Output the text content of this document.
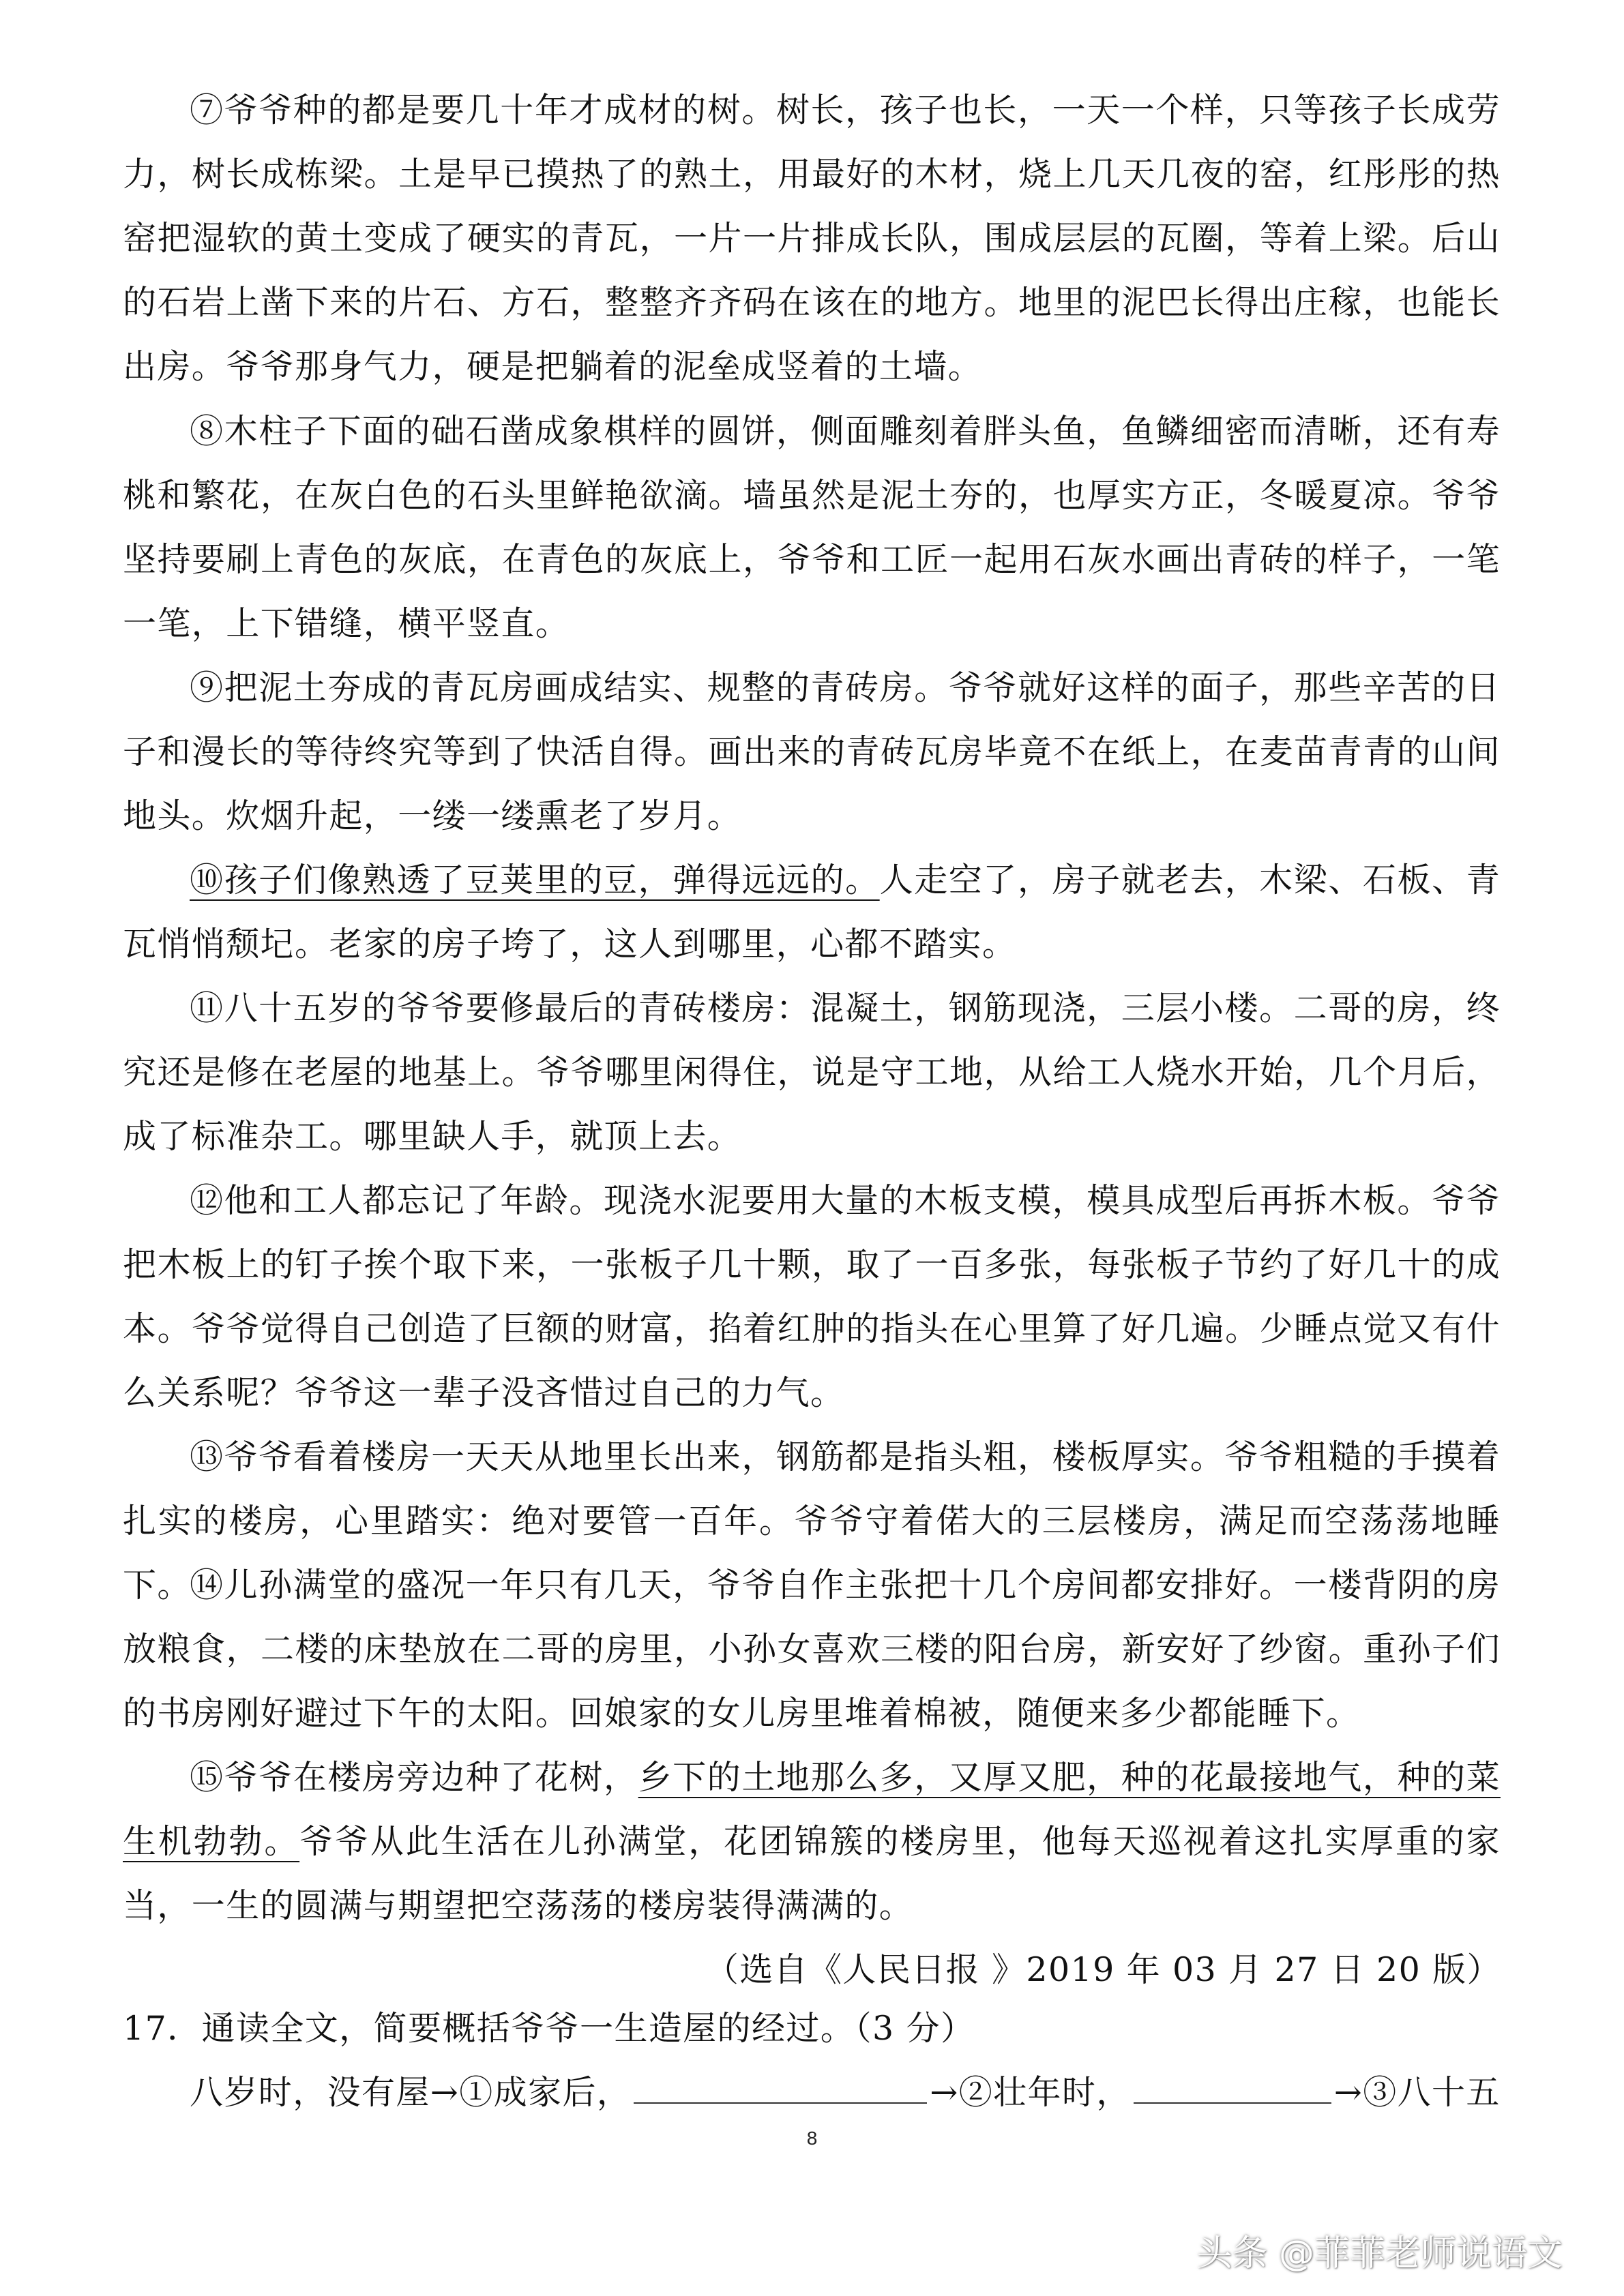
⑦爷爷种的都是要几十年才成材的树。树长，孩子也长，一天一个样，只等孩子长成劳力，树长成栋梁。土是早已摸热了的熟土，用最好的木材，烧上几天几夜的窑，红彤彤的热窑把湿软的黄土变成了硬实的青瓦，一片一片排成长队，围成层层的瓦圈，等着上梁。后山的石岩上凿下来的片石、方石，整整齐齐码在该在的地方。地里的泥巴长得出庄稼，也能长出房。爷爷那身气力，硬是把躺着的泥垒成竖着的土墙。

⑧木柱子下面的础石凿成象棋样的圆饼，侧面雕刻着胖头鱼，鱼鳞细密而清晰，还有寿桃和繁花，在灰白色的石头里鲜艳欲滴。墙虽然是泥土夯的，也厚实方正，冬暖夏凉。爷爷坚持要刷上青色的灰底，在青色的灰底上，爷爷和工匠一起用石灰水画出青砖的样子，一笔一笔，上下错缝，横平竖直。

⑨把泥土夯成的青瓦房画成结实、规整的青砖房。爷爷就好这样的面子，那些辛苦的日子和漫长的等待终究等到了快活自得。画出来的青砖瓦房毕竟不在纸上，在麦苗青青的山间地头。炊烟升起，一缕一缕熏老了岁月。

⑩孩子们像熟透了豆荚里的豆，弹得远远的。人走空了，房子就老去，木梁、石板、青瓦悄悄颓圮。老家的房子垮了，这人到哪里，心都不踏实。

⑪八十五岁的爷爷要修最后的青砖楼房：混凝土，钢筋现浇，三层小楼。二哥的房，终究还是修在老屋的地基上。爷爷哪里闲得住，说是守工地，从给工人烧水开始，几个月后，成了标准杂工。哪里缺人手，就顶上去。

⑫他和工人都忘记了年龄。现浇水泥要用大量的木板支模，模具成型后再拆木板。爷爷把木板上的钉子挨个取下来，一张板子几十颗，取了一百多张，每张板子节约了好几十的成本。爷爷觉得自己创造了巨额的财富，掐着红肿的指头在心里算了好几遍。少睡点觉又有什么关系呢？爷爷这一辈子没吝惜过自己的力气。

⑬爷爷看着楼房一天天从地里长出来，钢筋都是指头粗，楼板厚实。爷爷粗糙的手摸着扎实的楼房，心里踏实：绝对要管一百年。爷爷守着偌大的三层楼房，满足而空荡荡地睡下。

⑭儿孙满堂的盛况一年只有几天，爷爷自作主张把十几个房间都安排好。一楼背阴的房放粮食，二楼的床垫放在二哥的房里，小孙女喜欢三楼的阳台房，新安好了纱窗。重孙子们的书房刚好避过下午的太阳。回娘家的女儿房里堆着棉被，随便来多少都能睡下。

⑮爷爷在楼房旁边种了花树，乡下的土地那么多，又厚又肥，种的花最接地气，种的菜生机勃勃。爷爷从此生活在儿孙满堂，花团锦簇的楼房里，他每天巡视着这扎实厚重的家当，一生的圆满与期望把空荡荡的楼房装得满满的。

（选自《人民日报 》2019 年 03 月 27 日 20 版）
17．通读全文，简要概括爷爷一生造屋的经过。（3 分）
八岁时，没有屋→①成家后，	→②壮年时，	→③八十五
8
头条 @菲菲老师说语文
